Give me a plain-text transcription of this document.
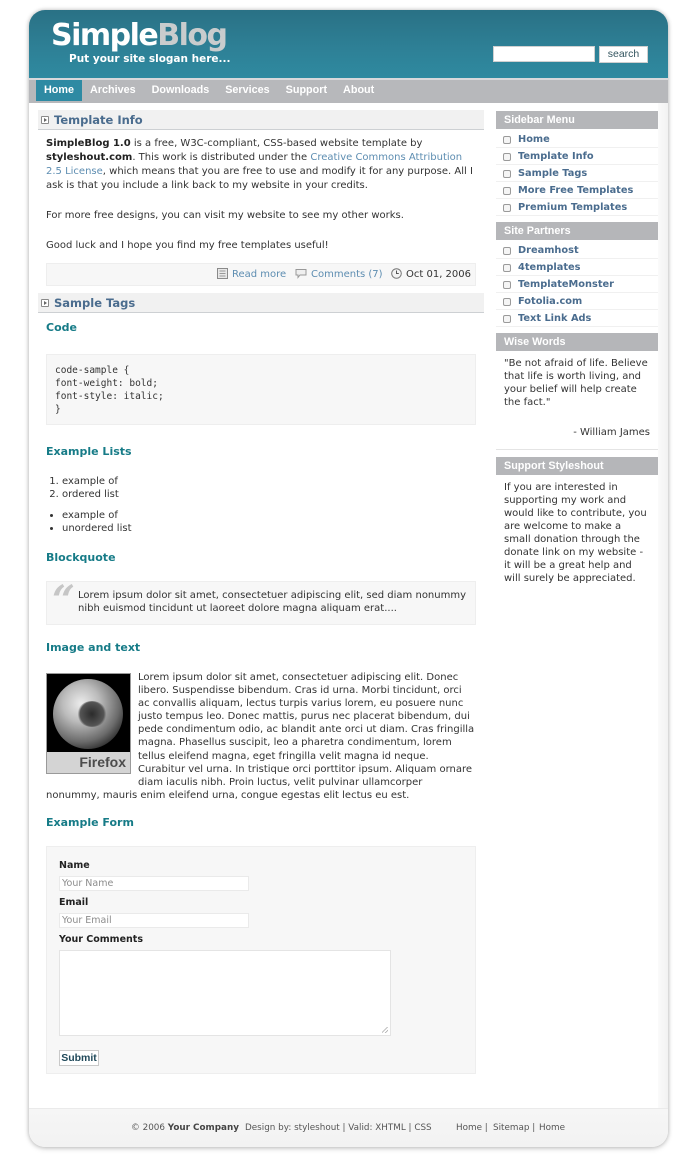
SimpleBlog
Put your site slogan here...	search
Home	Archives	Downloads	Services	Support	About
Template Info

SimpleBlog 1.0 is a free, W3C-compliant, CSS-based website template by styleshout.com. This work is distributed under the Creative Commons Attribution 2.5 License, which means that you are free to use and modify it for any purpose. All I ask is that you include a link back to my website in your credits.

For more free designs, you can visit my website to see my other works.

Good luck and I hope you find my free templates useful!

Read more	Comments (7)	Oct 01, 2006
Sample Tags
Code
code-sample {
font-weight: bold;
font-style: italic;
}
Example Lists
1. example of
2. ordered list
• example of
• unordered list
Blockquote
“ Lorem ipsum dolor sit amet, consectetuer adipiscing elit, sed diam nonummy nibh euismod tincidunt ut laoreet dolore magna aliquam erat....
Image and text
Firefox

Lorem ipsum dolor sit amet, consectetuer adipiscing elit. Donec libero. Suspendisse bibendum. Cras id urna. Morbi tincidunt, orci ac convallis aliquam, lectus turpis varius lorem, eu posuere nunc justo tempus leo. Donec mattis, purus nec placerat bibendum, dui pede condimentum odio, ac blandit ante orci ut diam. Cras fringilla magna. Phasellus suscipit, leo a pharetra condimentum, lorem tellus eleifend magna, eget fringilla velit magna id neque. Curabitur vel urna. In tristique orci porttitor ipsum. Aliquam ornare diam iaculis nibh. Proin luctus, velit pulvinar ullamcorper nonummy, mauris enim eleifend urna, congue egestas elit lectus eu est.

Example Form
Name
Your Name
Email
Your Email
Your Comments
Submit
Sidebar Menu
Home
Template Info
Sample Tags
More Free Templates
Premium Templates
Site Partners
Dreamhost
4templates
TemplateMonster
Fotolia.com
Text Link Ads
Wise Words

"Be not afraid of life. Believe that life is worth living, and your belief will help create the fact."

- William James

Support Styleshout

If you are interested in supporting my work and would like to contribute, you are welcome to make a small donation through the donate link on my website - it will be a great help and will surely be appreciated.

© 2006 Your Company Design by: styleshout | Valid: XHTML | CSS	Home | Sitemap | Home
